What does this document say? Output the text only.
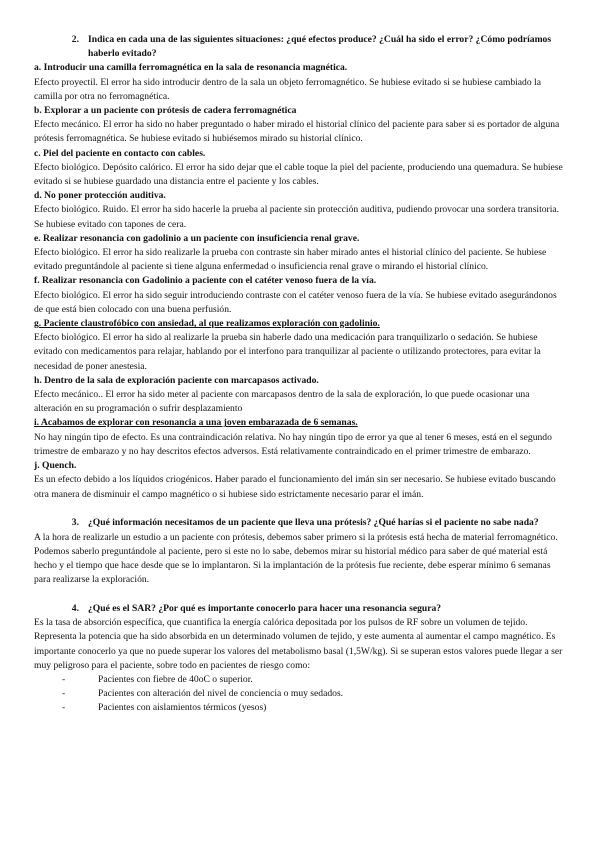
2. Indica en cada una de las siguientes situaciones: ¿qué efectos produce? ¿Cuál ha sido el error? ¿Cómo podríamos haberlo evitado?
a. Introducir una camilla ferromagnética en la sala de resonancia magnética.

Efecto proyectil. El error ha sido introducir dentro de la sala un objeto ferromagnético. Se hubiese evitado si se hubiese cambiado la camilla por otra no ferromagnética.

b. Explorar a un paciente con prótesis de cadera ferromagnética

Efecto mecánico. El error ha sido no haber preguntado o haber mirado el historial clínico del paciente para saber si es portador de alguna prótesis ferromagnética. Se hubiese evitado si hubiésemos mirado su historial clínico.

c. Piel del paciente en contacto con cables.

Efecto biológico. Depósito calórico. El error ha sido dejar que el cable toque la piel del paciente, produciendo una quemadura. Se hubiese evitado si se hubiese guardado una distancia entre el paciente y los cables.

d. No poner protección auditiva.

Efecto biológico. Ruido. El error ha sido hacerle la prueba al paciente sin protección auditiva, pudiendo provocar una sordera transitoria. Se hubiese evitado con tapones de cera.

e. Realizar resonancia con gadolinio a un paciente con insuficiencia renal grave.

Efecto biológico. El error ha sido realizarle la prueba con contraste sin haber mirado antes el historial clínico del paciente. Se hubiese evitado preguntándole al paciente si tiene alguna enfermedad o insuficiencia renal grave o mirando el historial clínico.

f. Realizar resonancia con Gadolinio a paciente con el catéter venoso fuera de la vía.

Efecto biológico. El error ha sido seguir introduciendo contraste con el catéter venoso fuera de la vía. Se hubiese evitado asegurándonos de que está bien colocado con una buena perfusión.

g. Paciente claustrofóbico con ansiedad, al que realizamos exploración con gadolinio.

Efecto biológico. El error ha sido al realizarle la prueba sin haberle dado una medicación para tranquilizarlo o sedación. Se hubiese evitado con medicamentos para relajar, hablando por el interfono para tranquilizar al paciente o utilizando protectores, para evitar la necesidad de poner anestesia.

h. Dentro de la sala de exploración paciente con marcapasos activado.

Efecto mecánico.. El error ha sido meter al paciente con marcapasos dentro de la sala de exploración, lo que puede ocasionar una alteración en su programación o sufrir desplazamiento

i. Acabamos de explorar con resonancia a una joven embarazada de 6 semanas.

No hay ningún tipo de efecto. Es una contraindicación relativa. No hay ningún tipo de error ya que al tener 6 meses, está en el segundo trimestre de embarazo y no hay descritos efectos adversos. Está relativamente contraindicado en el primer trimestre de embarazo.

j. Quench.

Es un efecto debido a los líquidos criogénicos. Haber parado el funcionamiento del imán sin ser necesario. Se hubiese evitado buscando otra manera de disminuir el campo magnético o si hubiese sido estrictamente necesario parar el imán.

3. ¿Qué información necesitamos de un paciente que lleva una prótesis? ¿Qué harías si el paciente no sabe nada?

A la hora de realizarle un estudio a un paciente con prótesis, debemos saber primero si la prótesis está hecha de material ferromagnético. Podemos saberlo preguntándole al paciente, pero si este no lo sabe, debemos mirar su historial médico para saber de qué material está hecho y el tiempo que hace desde que se lo implantaron. Si la implantación de la prótesis fue reciente, debe esperar mínimo 6 semanas para realizarse la exploración.

4. ¿Qué es el SAR? ¿Por qué es importante conocerlo para hacer una resonancia segura?

Es la tasa de absorción específica, que cuantifica la energía calórica depositada por los pulsos de RF sobre un volumen de tejido. Representa la potencia que ha sido absorbida en un determinado volumen de tejido, y este aumenta al aumentar el campo magnético. Es importante conocerlo ya que no puede superar los valores del metabolismo basal (1,5W/kg). Si se superan estos valores puede llegar a ser muy peligroso para el paciente, sobre todo en pacientes de riesgo como:

-	Pacientes con fiebre de 40oC o superior.
-	Pacientes con alteración del nivel de conciencia o muy sedados.
-	Pacientes con aislamientos térmicos (yesos)
